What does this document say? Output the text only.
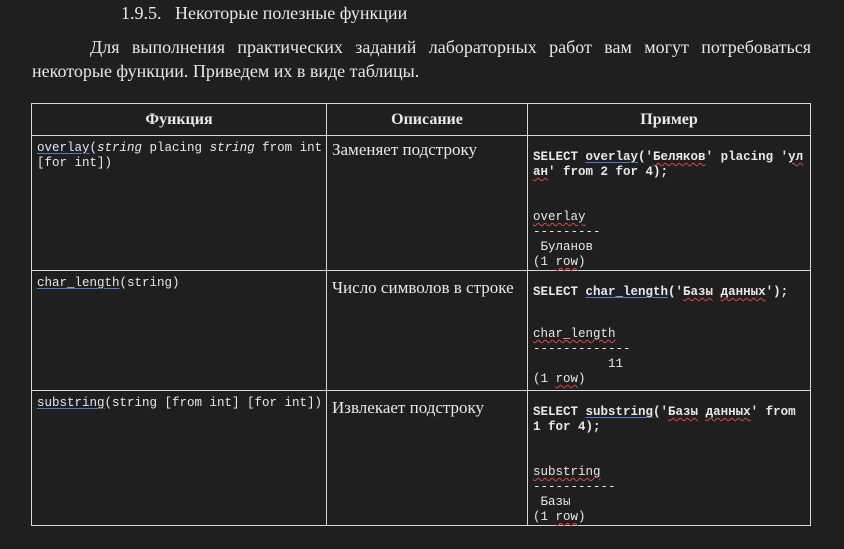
1.9.5. Некоторые полезные функции
Для выполнения практических заданий лабораторных работ вам могут потребоваться некоторые функции. Приведем их в виде таблицы.
Функция	Описание	Пример
overlay(string placing string from int [for int])	Заменяет подстроку	SELECT overlay('Беляков' placing 'улан' from 2 for 4);
overlay
---------
Буланов
(1 row)

char_length(string)	Число символов в строке	SELECT char_length('Базы данных');
char_length
-------------
11
(1 row)

substring(string [from int] [for int])	Извлекает подстроку	SELECT substring('Базы данных' from 1 for 4);
substring
-----------
Базы
(1 row)
